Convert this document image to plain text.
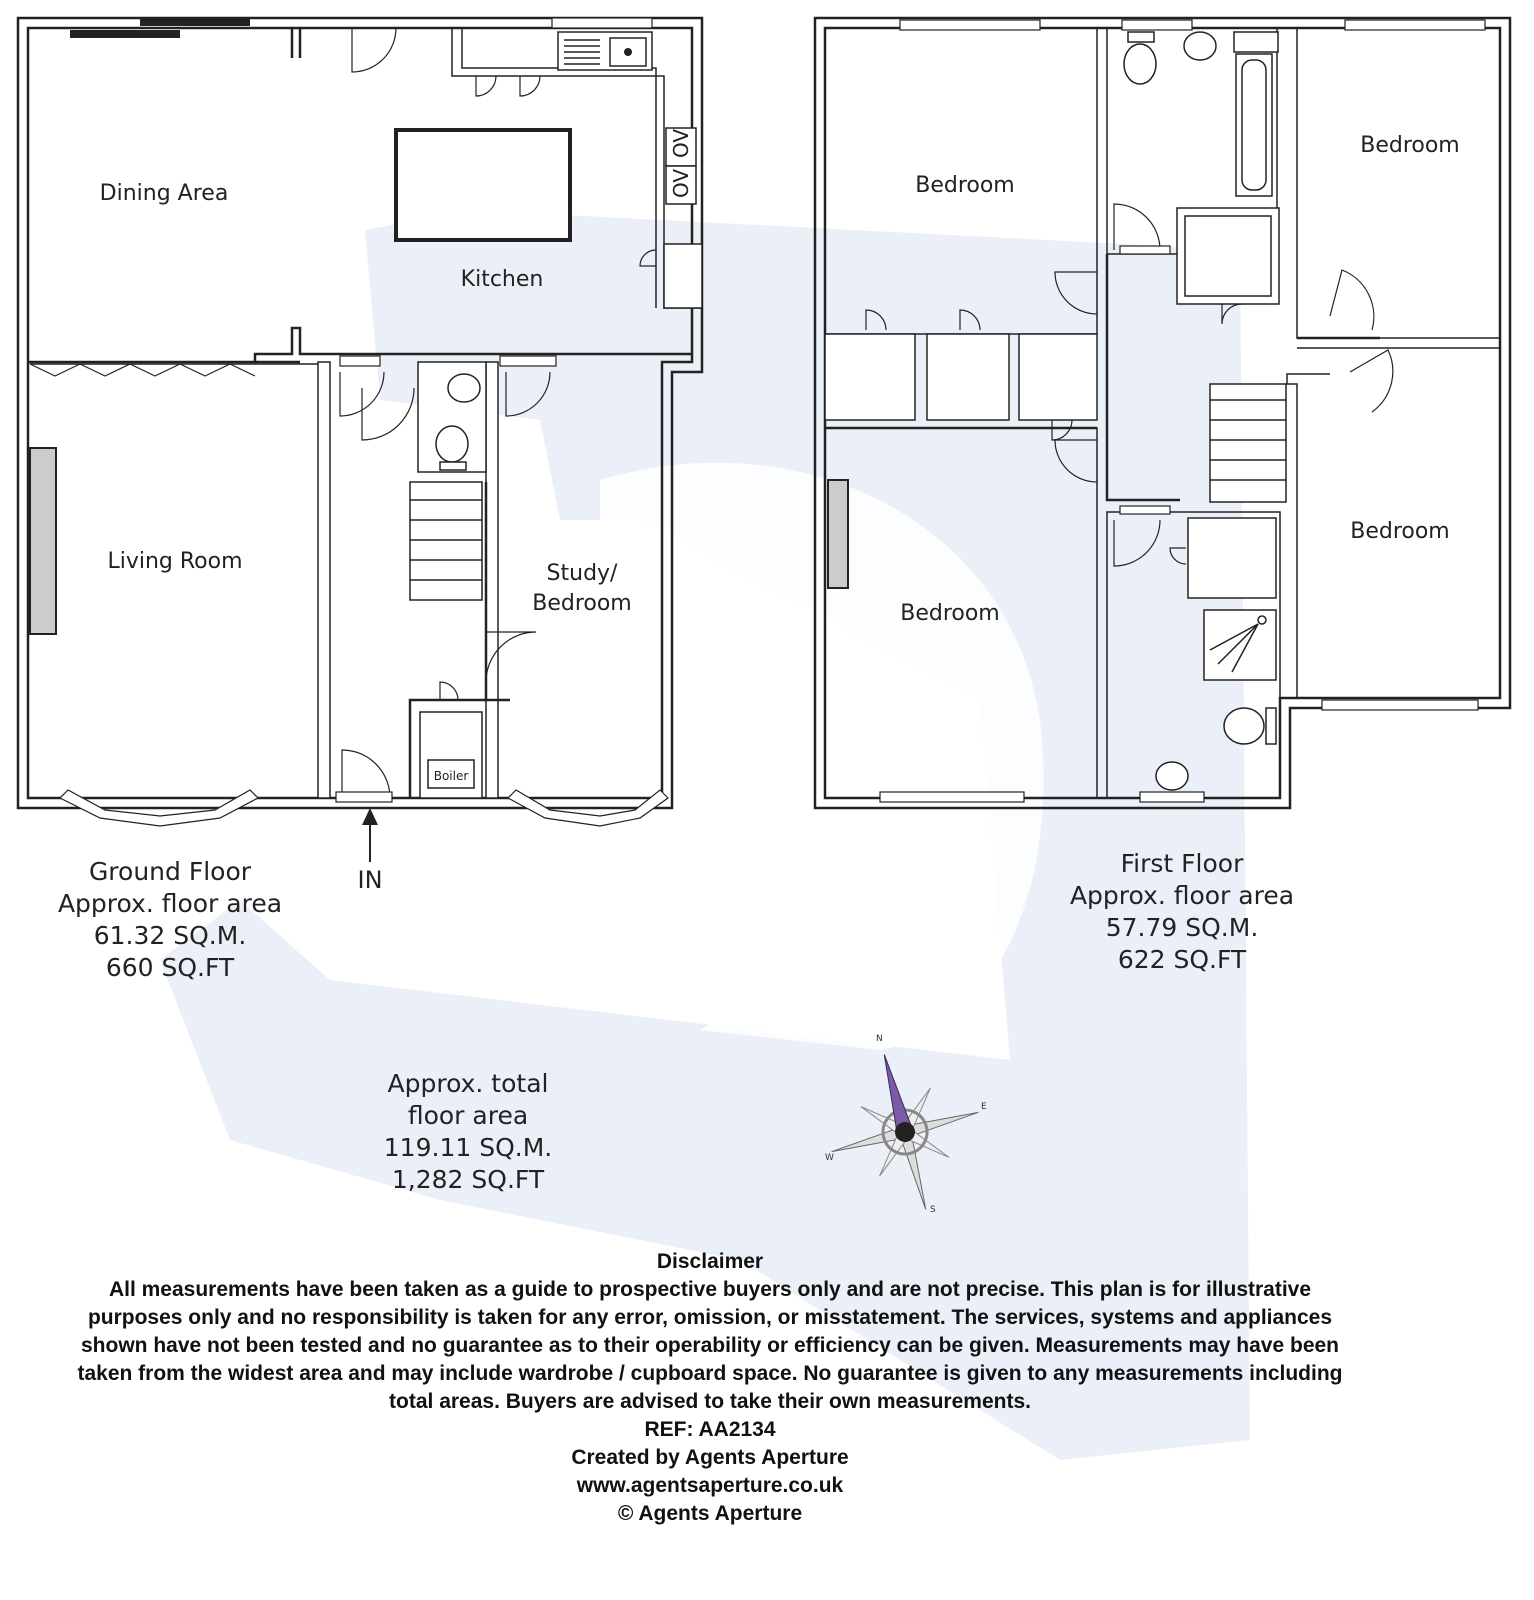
OV
OV
Boiler
IN
Dining Area
Kitchen
Living Room	Study/
Bedroom
Ground Floor
Approx. floor area
61.32 SQ.M.
660 SQ.FT
Bedroom
Bedroom
Bedroom
Bedroom
First Floor
Approx. floor area
57.79 SQ.M.
622 SQ.FT
Approx. total
floor area
119.11 SQ.M.
1,282 SQ.FT
N
E
S
W
Disclaimer
All measurements have been taken as a guide to prospective buyers only and are not precise. This plan is for illustrative purposes only and no responsibility is taken for any error, omission, or misstatement. The services, systems and appliances shown have not been tested and no guarantee as to their operability or efficiency can be given. Measurements may have been taken from the widest area and may include wardrobe / cupboard space. No guarantee is given to any measurements including total areas. Buyers are advised to take their own measurements.
REF: AA2134
Created by Agents Aperture
www.agentsaperture.co.uk
© Agents Aperture
